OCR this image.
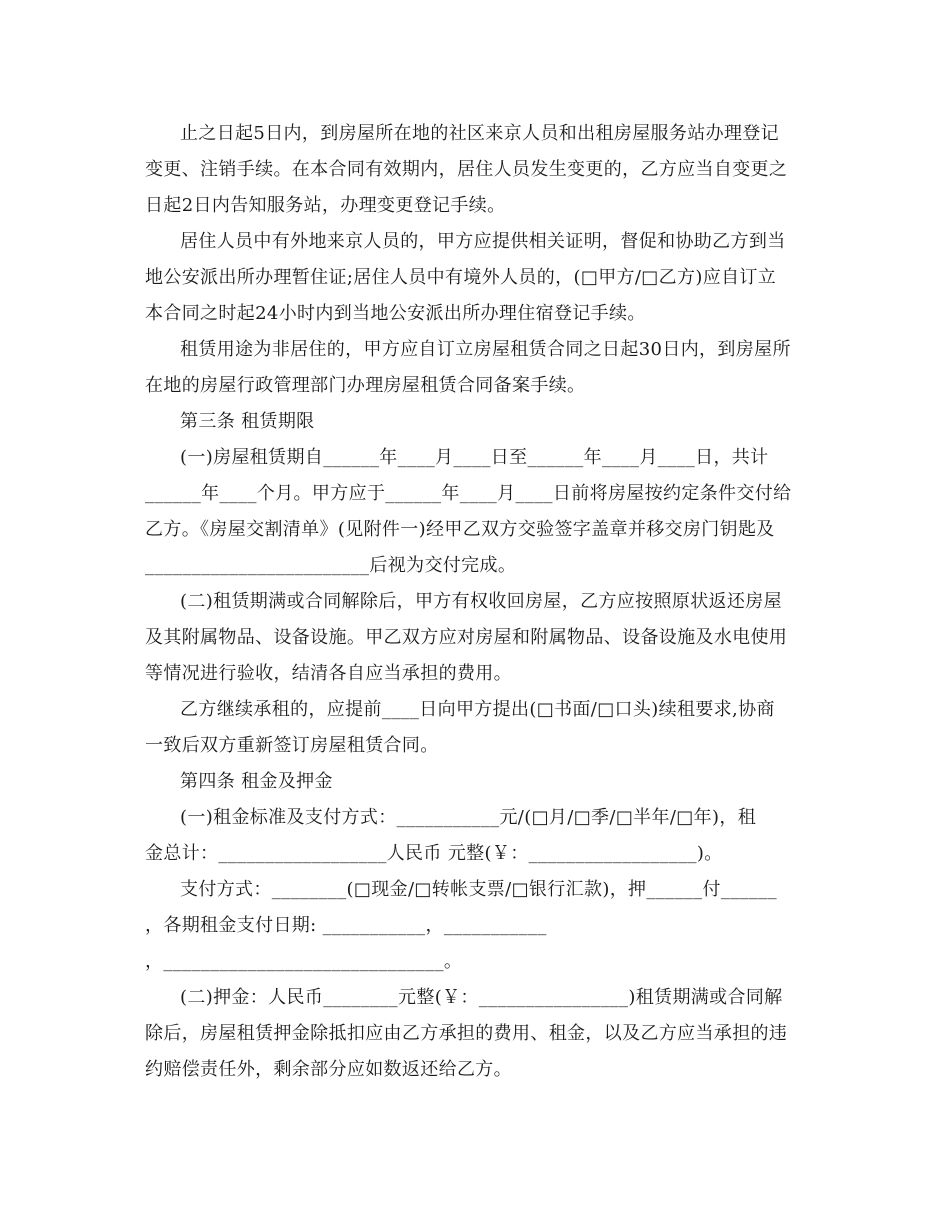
止之日起5日内，到房屋所在地的社区来京人员和出租房屋服务站办理登记
变更、注销手续。在本合同有效期内，居住人员发生变更的，乙方应当自变更之
日起2日内告知服务站，办理变更登记手续。
居住人员中有外地来京人员的，甲方应提供相关证明，督促和协助乙方到当
地公安派出所办理暂住证;居住人员中有境外人员的，(□甲方/□乙方)应自订立
本合同之时起24小时内到当地公安派出所办理住宿登记手续。
租赁用途为非居住的，甲方应自订立房屋租赁合同之日起30日内，到房屋所
在地的房屋行政管理部门办理房屋租赁合同备案手续。
第三条 租赁期限
(一)房屋租赁期自______年____月____日至______年____月____日，共计
______年____个月。甲方应于______年____月____日前将房屋按约定条件交付给
乙方。《房屋交割清单》(见附件一)经甲乙双方交验签字盖章并移交房门钥匙及
________________________后视为交付完成。
(二)租赁期满或合同解除后，甲方有权收回房屋，乙方应按照原状返还房屋
及其附属物品、设备设施。甲乙双方应对房屋和附属物品、设备设施及水电使用
等情况进行验收，结清各自应当承担的费用。
乙方继续承租的，应提前____日向甲方提出(□书面/□口头)续租要求,协商
一致后双方重新签订房屋租赁合同。
第四条 租金及押金
(一)租金标准及支付方式：___________元/(□月/□季/□半年/□年)，租
金总计：__________________人民币 元整(￥：__________________)。
支付方式：________(□现金/□转帐支票/□银行汇款)，押______付______
，各期租金支付日期: ___________，___________
，______________________________。
(二)押金：人民币________元整(￥：________________)租赁期满或合同解
除后，房屋租赁押金除抵扣应由乙方承担的费用、租金，以及乙方应当承担的违
约赔偿责任外，剩余部分应如数返还给乙方。
